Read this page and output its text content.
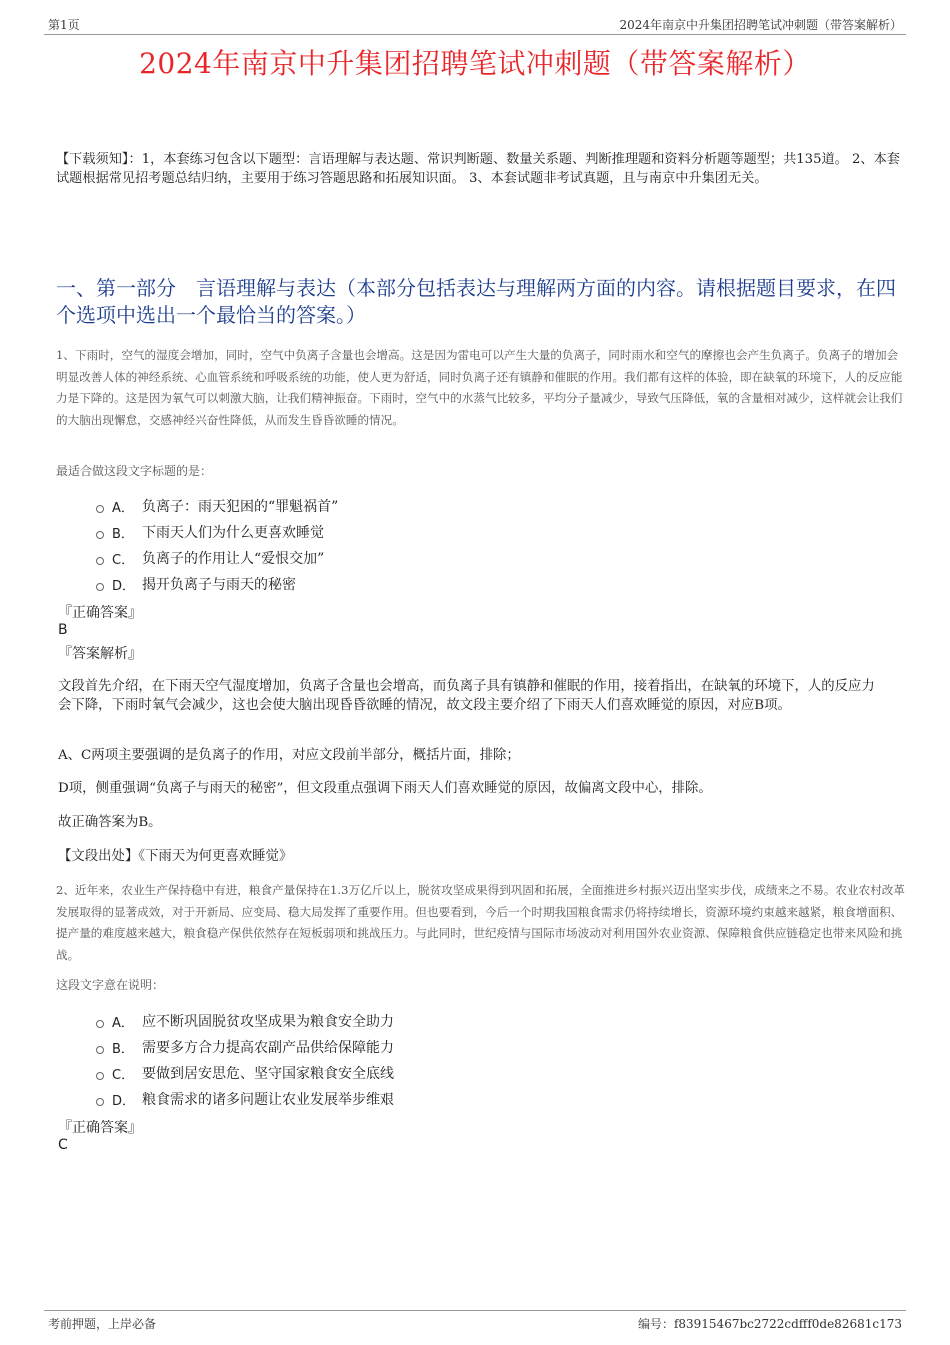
第1页	2024年南京中升集团招聘笔试冲刺题（带答案解析）
2024年南京中升集团招聘笔试冲刺题（带答案解析）
【下载须知】：1，本套练习包含以下题型：言语理解与表达题、常识判断题、数量关系题、判断推理题和资料分析题等题型；共135道。 2、本套试题根据常见招考题总结归纳，主要用于练习答题思路和拓展知识面。 3、本套试题非考试真题，且与南京中升集团无关。
一、第一部分　言语理解与表达（本部分包括表达与理解两方面的内容。请根据题目要求，在四个选项中选出一个最恰当的答案。）
1、下雨时，空气的湿度会增加，同时，空气中负离子含量也会增高。这是因为雷电可以产生大量的负离子，同时雨水和空气的摩擦也会产生负离子。负离子的增加会明显改善人体的神经系统、心血管系统和呼吸系统的功能，使人更为舒适，同时负离子还有镇静和催眠的作用。我们都有这样的体验，即在缺氧的环境下，人的反应能力是下降的。这是因为氧气可以刺激大脑，让我们精神振奋。下雨时，空气中的水蒸气比较多，平均分子量减少，导致气压降低，氧的含量相对减少，这样就会让我们的大脑出现懈怠，交感神经兴奋性降低，从而发生昏昏欲睡的情况。
最适合做这段文字标题的是：
A． 负离子：雨天犯困的“罪魁祸首”
B． 下雨天人们为什么更喜欢睡觉
C． 负离子的作用让人“爱恨交加”
D． 揭开负离子与雨天的秘密
『正确答案』
B
『答案解析』
文段首先介绍，在下雨天空气湿度增加，负离子含量也会增高，而负离子具有镇静和催眠的作用，接着指出，在缺氧的环境下，人的反应力会下降，下雨时氧气会减少，这也会使大脑出现昏昏欲睡的情况，故文段主要介绍了下雨天人们喜欢睡觉的原因，对应B项。
A、C两项主要强调的是负离子的作用，对应文段前半部分，概括片面，排除；
D项，侧重强调“负离子与雨天的秘密”，但文段重点强调下雨天人们喜欢睡觉的原因，故偏离文段中心，排除。
故正确答案为B。
【文段出处】《下雨天为何更喜欢睡觉》
2、近年来，农业生产保持稳中有进，粮食产量保持在1.3万亿斤以上，脱贫攻坚成果得到巩固和拓展，全面推进乡村振兴迈出坚实步伐，成绩来之不易。农业农村改革发展取得的显著成效，对于开新局、应变局、稳大局发挥了重要作用。但也要看到，今后一个时期我国粮食需求仍将持续增长，资源环境约束越来越紧，粮食增面积、提产量的难度越来越大，粮食稳产保供依然存在短板弱项和挑战压力。与此同时，世纪疫情与国际市场波动对利用国外农业资源、保障粮食供应链稳定也带来风险和挑战。
这段文字意在说明：
A． 应不断巩固脱贫攻坚成果为粮食安全助力
B． 需要多方合力提高农副产品供给保障能力
C． 要做到居安思危、坚守国家粮食安全底线
D． 粮食需求的诸多问题让农业发展举步维艰
『正确答案』
C
考前押题，上岸必备	编号：f83915467bc2722cdfff0de82681c173
